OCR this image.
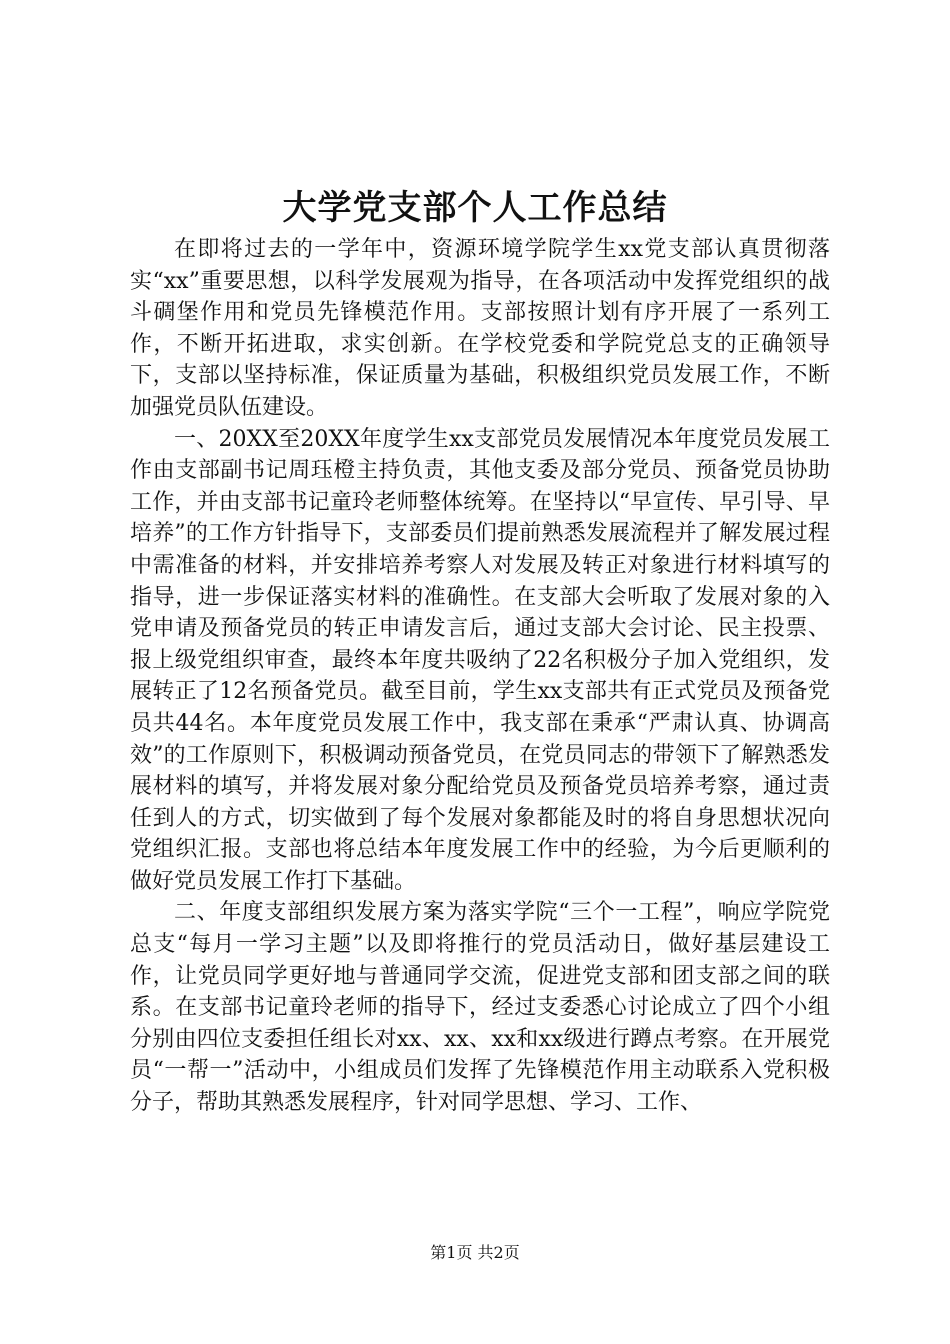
大学党支部个人工作总结

在即将过去的一学年中，资源环境学院学生xx党支部认真贯彻落实“xx”重要思想，以科学发展观为指导，在各项活动中发挥党组织的战斗碉堡作用和党员先锋模范作用。支部按照计划有序开展了一系列工作，不断开拓进取，求实创新。在学校党委和学院党总支的正确领导下，支部以坚持标准，保证质量为基础，积极组织党员发展工作，不断加强党员队伍建设。

一、20XX至20XX年度学生xx支部党员发展情况本年度党员发展工作由支部副书记周珏橙主持负责，其他支委及部分党员、预备党员协助工作，并由支部书记童玲老师整体统筹。在坚持以“早宣传、早引导、早培养”的工作方针指导下，支部委员们提前熟悉发展流程并了解发展过程中需准备的材料，并安排培养考察人对发展及转正对象进行材料填写的指导，进一步保证落实材料的准确性。在支部大会听取了发展对象的入党申请及预备党员的转正申请发言后，通过支部大会讨论、民主投票、报上级党组织审查，最终本年度共吸纳了22名积极分子加入党组织，发展转正了12名预备党员。截至目前，学生xx支部共有正式党员及预备党员共44名。本年度党员发展工作中，我支部在秉承“严肃认真、协调高效”的工作原则下，积极调动预备党员，在党员同志的带领下了解熟悉发展材料的填写，并将发展对象分配给党员及预备党员培养考察，通过责任到人的方式，切实做到了每个发展对象都能及时的将自身思想状况向党组织汇报。支部也将总结本年度发展工作中的经验，为今后更顺利的做好党员发展工作打下基础。

二、年度支部组织发展方案为落实学院“三个一工程”，响应学院党总支“每月一学习主题”以及即将推行的党员活动日，做好基层建设工作，让党员同学更好地与普通同学交流，促进党支部和团支部之间的联系。在支部书记童玲老师的指导下，经过支委悉心讨论成立了四个小组分别由四位支委担任组长对xx、xx、xx和xx级进行蹲点考察。在开展党员“一帮一”活动中，小组成员们发挥了先锋模范作用主动联系入党积极分子，帮助其熟悉发展程序，针对同学思想、学习、工作、

第1页 共2页
